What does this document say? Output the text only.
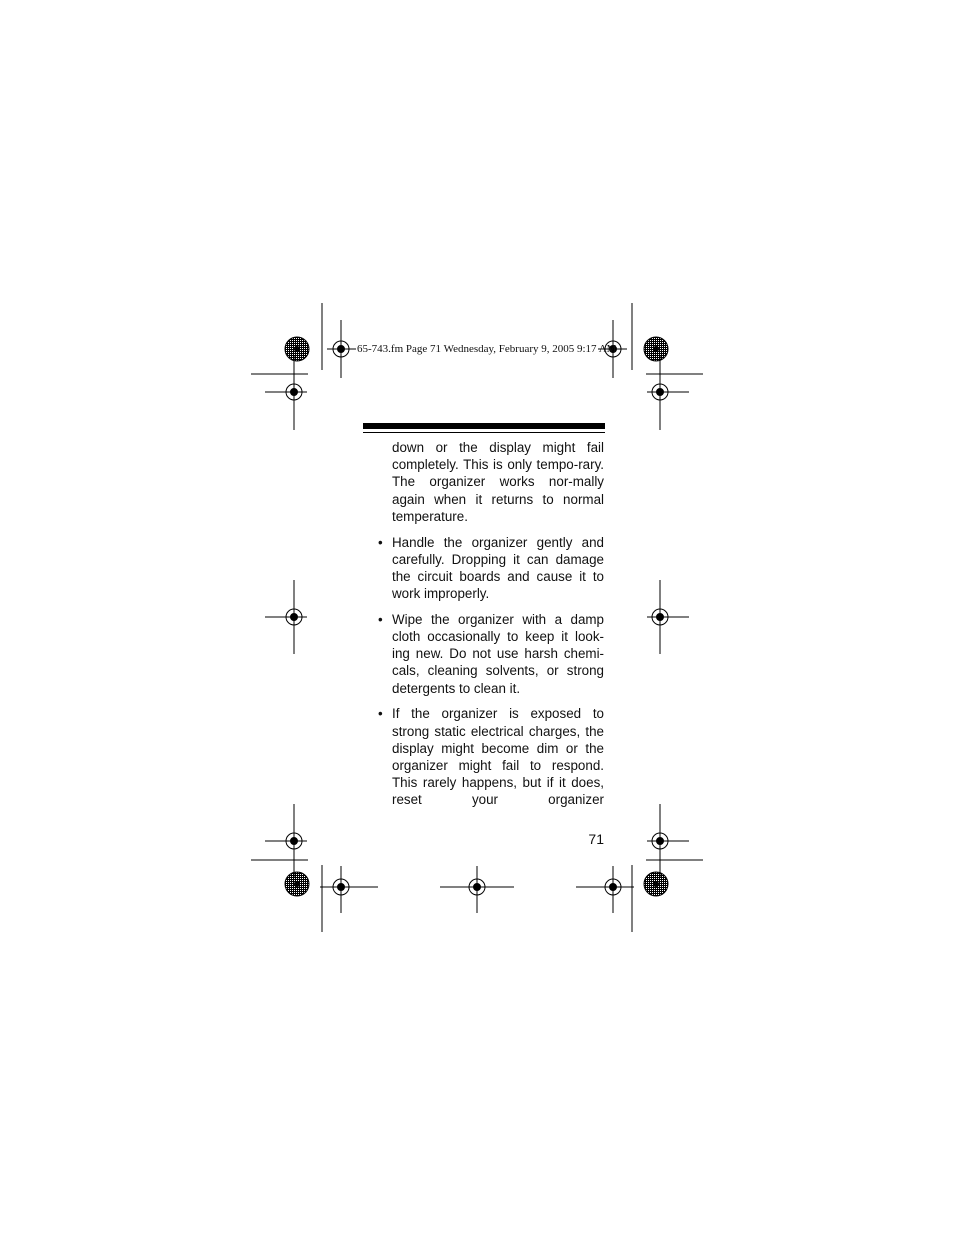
65-743.fm Page 71 Wednesday, February 9, 2005 9:17 AM

down or the display might fail completely. This is only tempo-rary. The organizer works nor-mally again when it returns to normal temperature.

• Handle the organizer gently and carefully. Dropping it can damage the circuit boards and cause it to work improperly.

• Wipe the organizer with a damp cloth occasionally to keep it look-ing new. Do not use harsh chemi-cals, cleaning solvents, or strong detergents to clean it.

• If the organizer is exposed to strong static electrical charges, the display might become dim or the organizer might fail to respond. This rarely happens, but if it does, reset your organizer

71
